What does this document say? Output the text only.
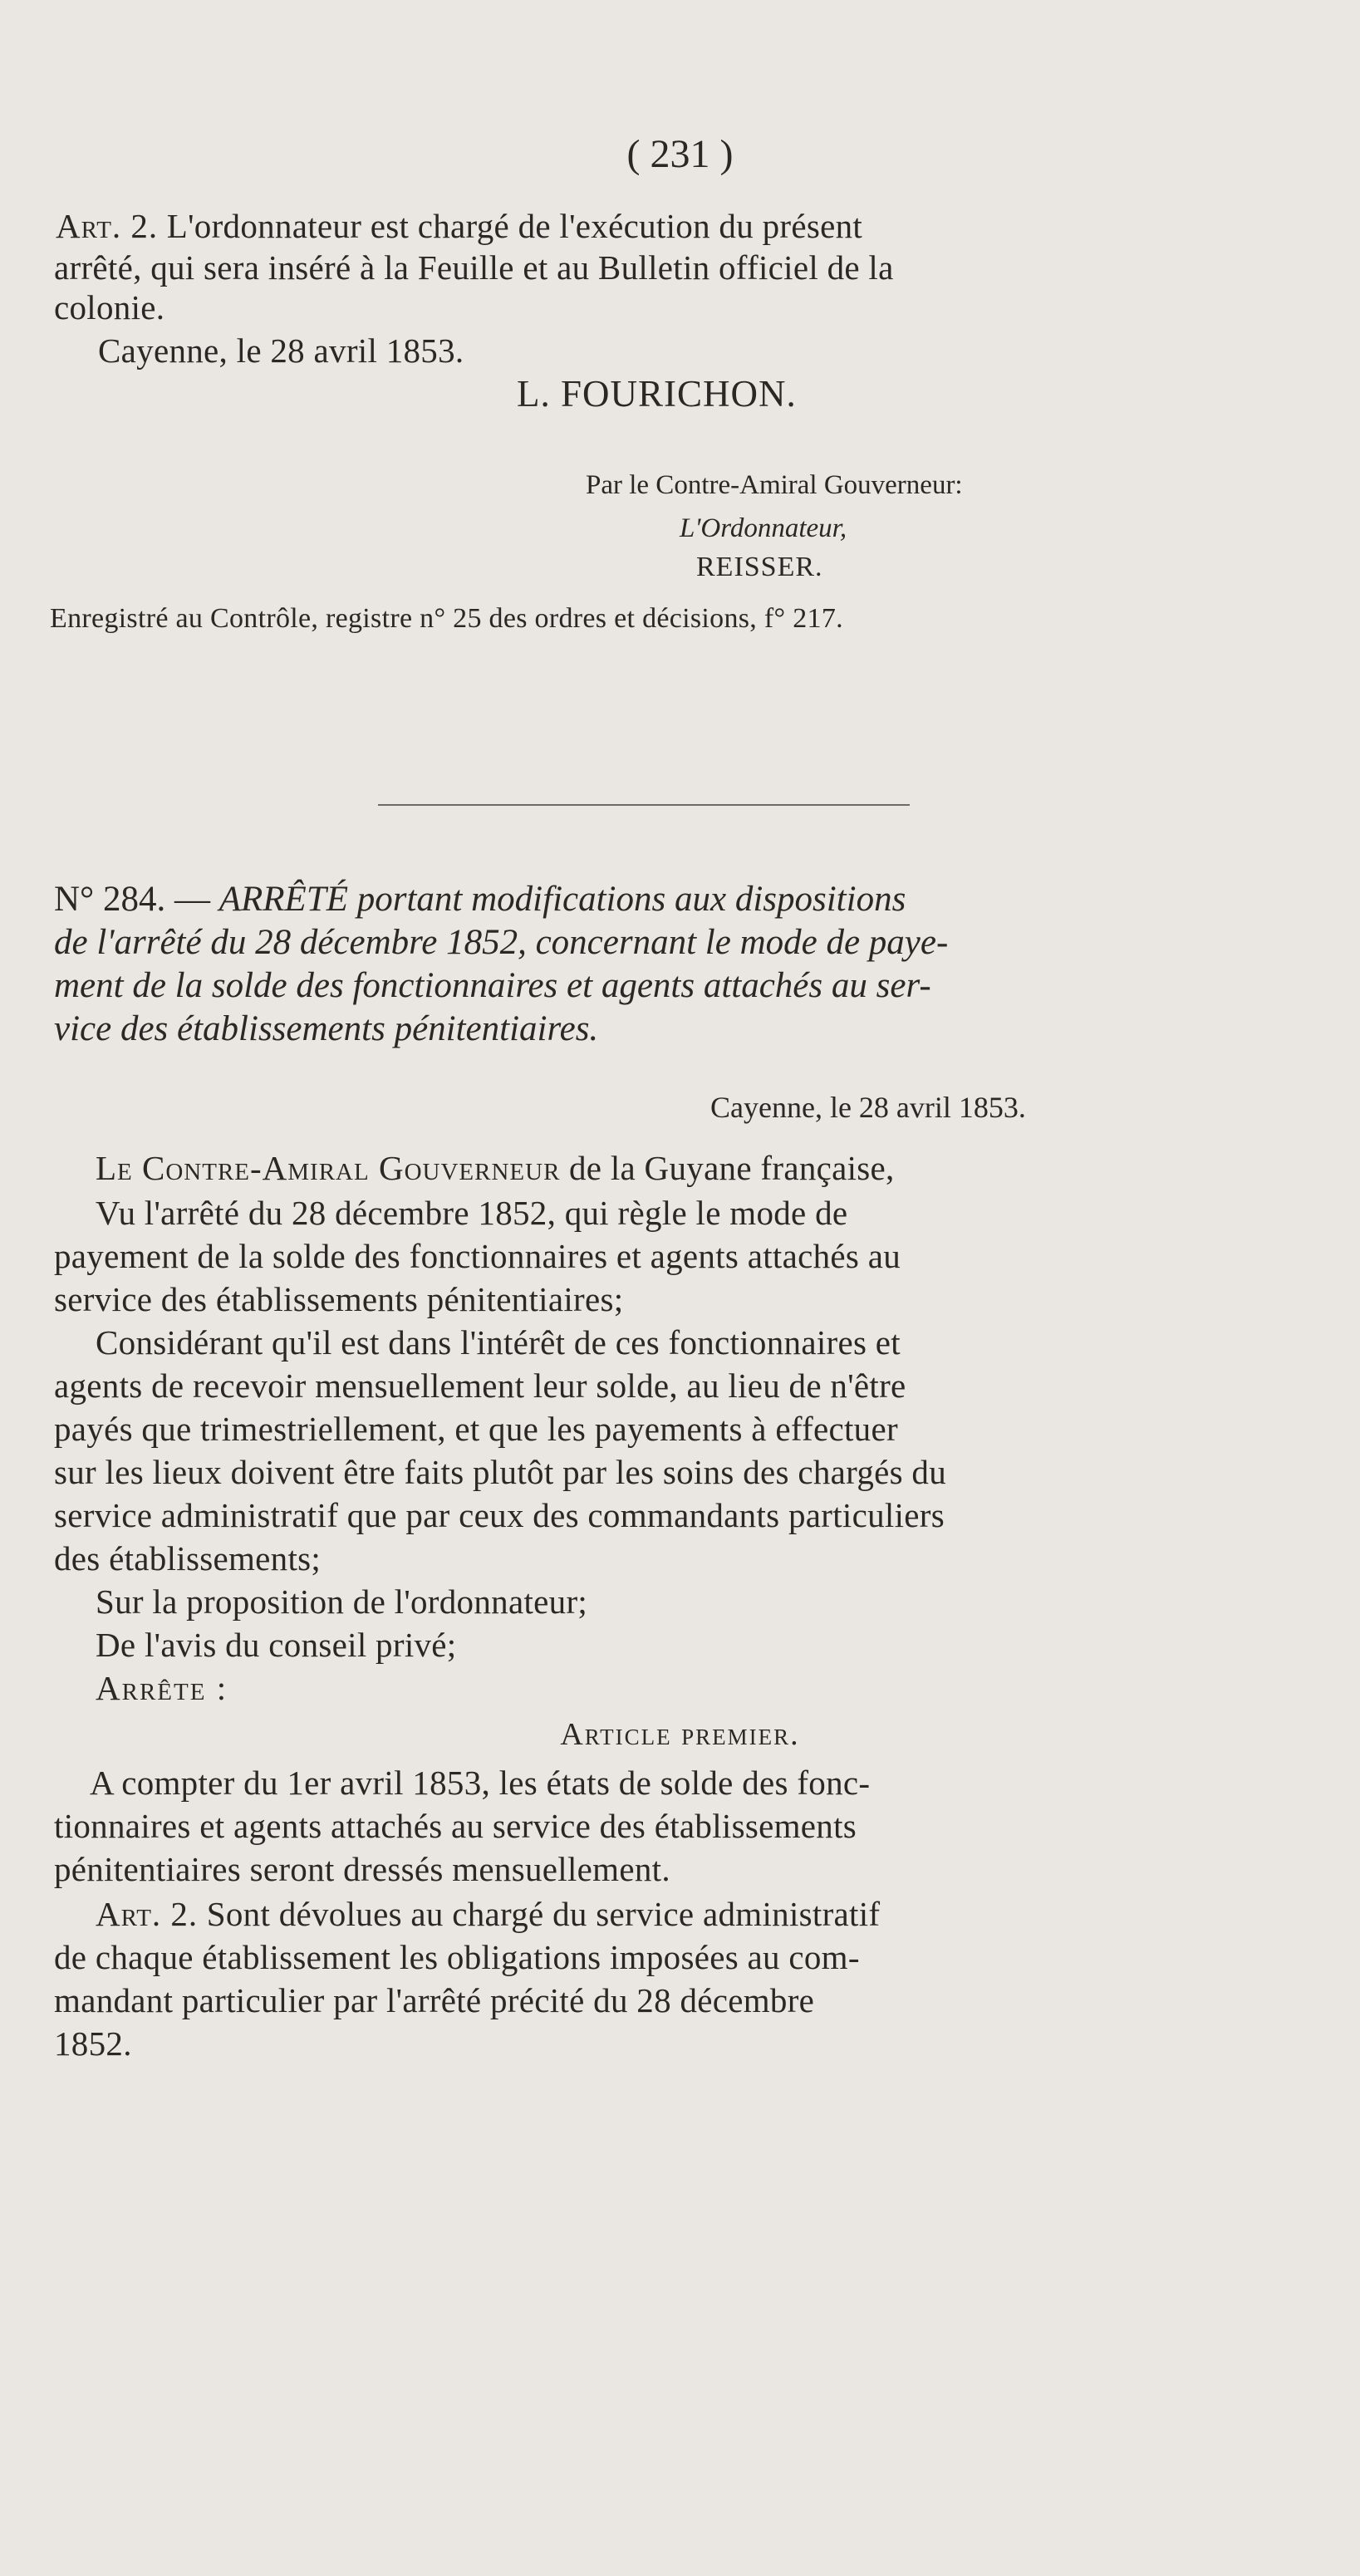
( 231 )
Art. 2. L'ordonnateur est chargé de l'exécution du présent
arrêté, qui sera inséré à la Feuille et au Bulletin officiel de la
colonie.
Cayenne, le 28 avril 1853.
L. FOURICHON.
Par le Contre-Amiral Gouverneur:
L'Ordonnateur,
REISSER.
Enregistré au Contrôle, registre n° 25 des ordres et décisions, f° 217.
N° 284. — ARRÊTÉ portant modifications aux dispositions
de l'arrêté du 28 décembre 1852, concernant le mode de paye-
ment de la solde des fonctionnaires et agents attachés au ser-
vice des établissements pénitentiaires.
Cayenne, le 28 avril 1853.
Le Contre-Amiral Gouverneur de la Guyane française,
Vu l'arrêté du 28 décembre 1852, qui règle le mode de
payement de la solde des fonctionnaires et agents attachés au
service des établissements pénitentiaires;
Considérant qu'il est dans l'intérêt de ces fonctionnaires et
agents de recevoir mensuellement leur solde, au lieu de n'être
payés que trimestriellement, et que les payements à effectuer
sur les lieux doivent être faits plutôt par les soins des chargés du
service administratif que par ceux des commandants particuliers
des établissements;
Sur la proposition de l'ordonnateur;
De l'avis du conseil privé;
Arrête :
Article premier.
A compter du 1er avril 1853, les états de solde des fonc-
tionnaires et agents attachés au service des établissements
pénitentiaires seront dressés mensuellement.
Art. 2. Sont dévolues au chargé du service administratif
de chaque établissement les obligations imposées au com-
mandant particulier par l'arrêté précité du 28 décembre
1852.
